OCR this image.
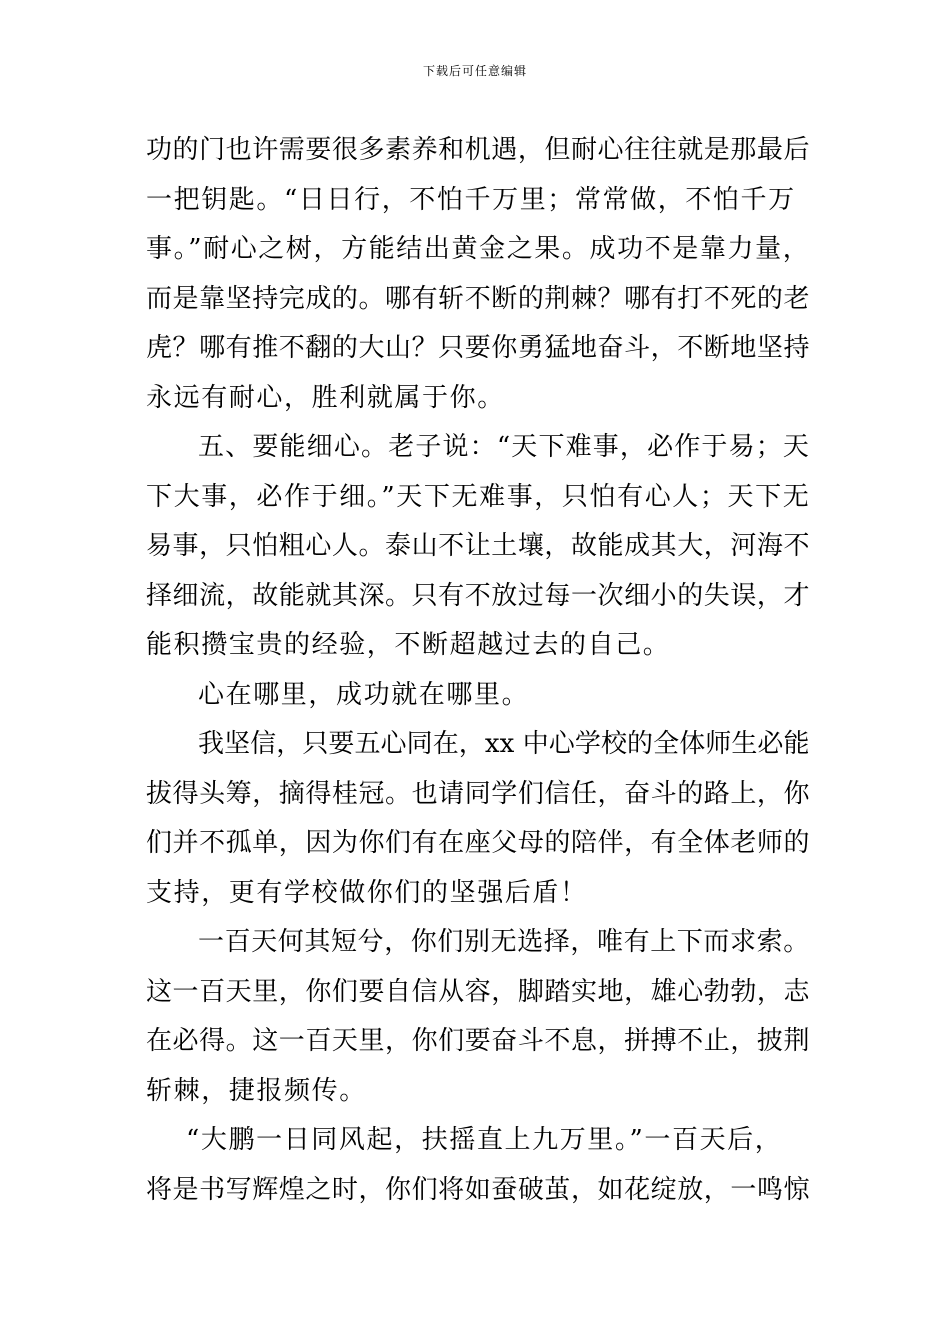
下载后可任意编辑

功的门也许需要很多素养和机遇，但耐心往往就是那最后
一把钥匙。“日日行，不怕千万里；常常做，不怕千万
事。”耐心之树，方能结出黄金之果。成功不是靠力量，
而是靠坚持完成的。哪有斩不断的荆棘？哪有打不死的老
虎？哪有推不翻的大山？只要你勇猛地奋斗，不断地坚持
永远有耐心，胜利就属于你。

五、要能细心。老子说：“天下难事，必作于易；天
下大事，必作于细。”天下无难事，只怕有心人；天下无
易事，只怕粗心人。泰山不让土壤，故能成其大，河海不
择细流，故能就其深。只有不放过每一次细小的失误，才
能积攒宝贵的经验，不断超越过去的自己。

心在哪里，成功就在哪里。

我坚信，只要五心同在，xx 中心学校的全体师生必能
拔得头筹，摘得桂冠。也请同学们信任，奋斗的路上，你
们并不孤单，因为你们有在座父母的陪伴，有全体老师的
支持，更有学校做你们的坚强后盾！

一百天何其短兮，你们别无选择，唯有上下而求索。
这一百天里，你们要自信从容，脚踏实地，雄心勃勃，志
在必得。这一百天里，你们要奋斗不息，拼搏不止，披荆
斩棘，捷报频传。

“大鹏一日同风起，扶摇直上九万里。”一百天后，
将是书写辉煌之时，你们将如蚕破茧，如花绽放，一鸣惊
